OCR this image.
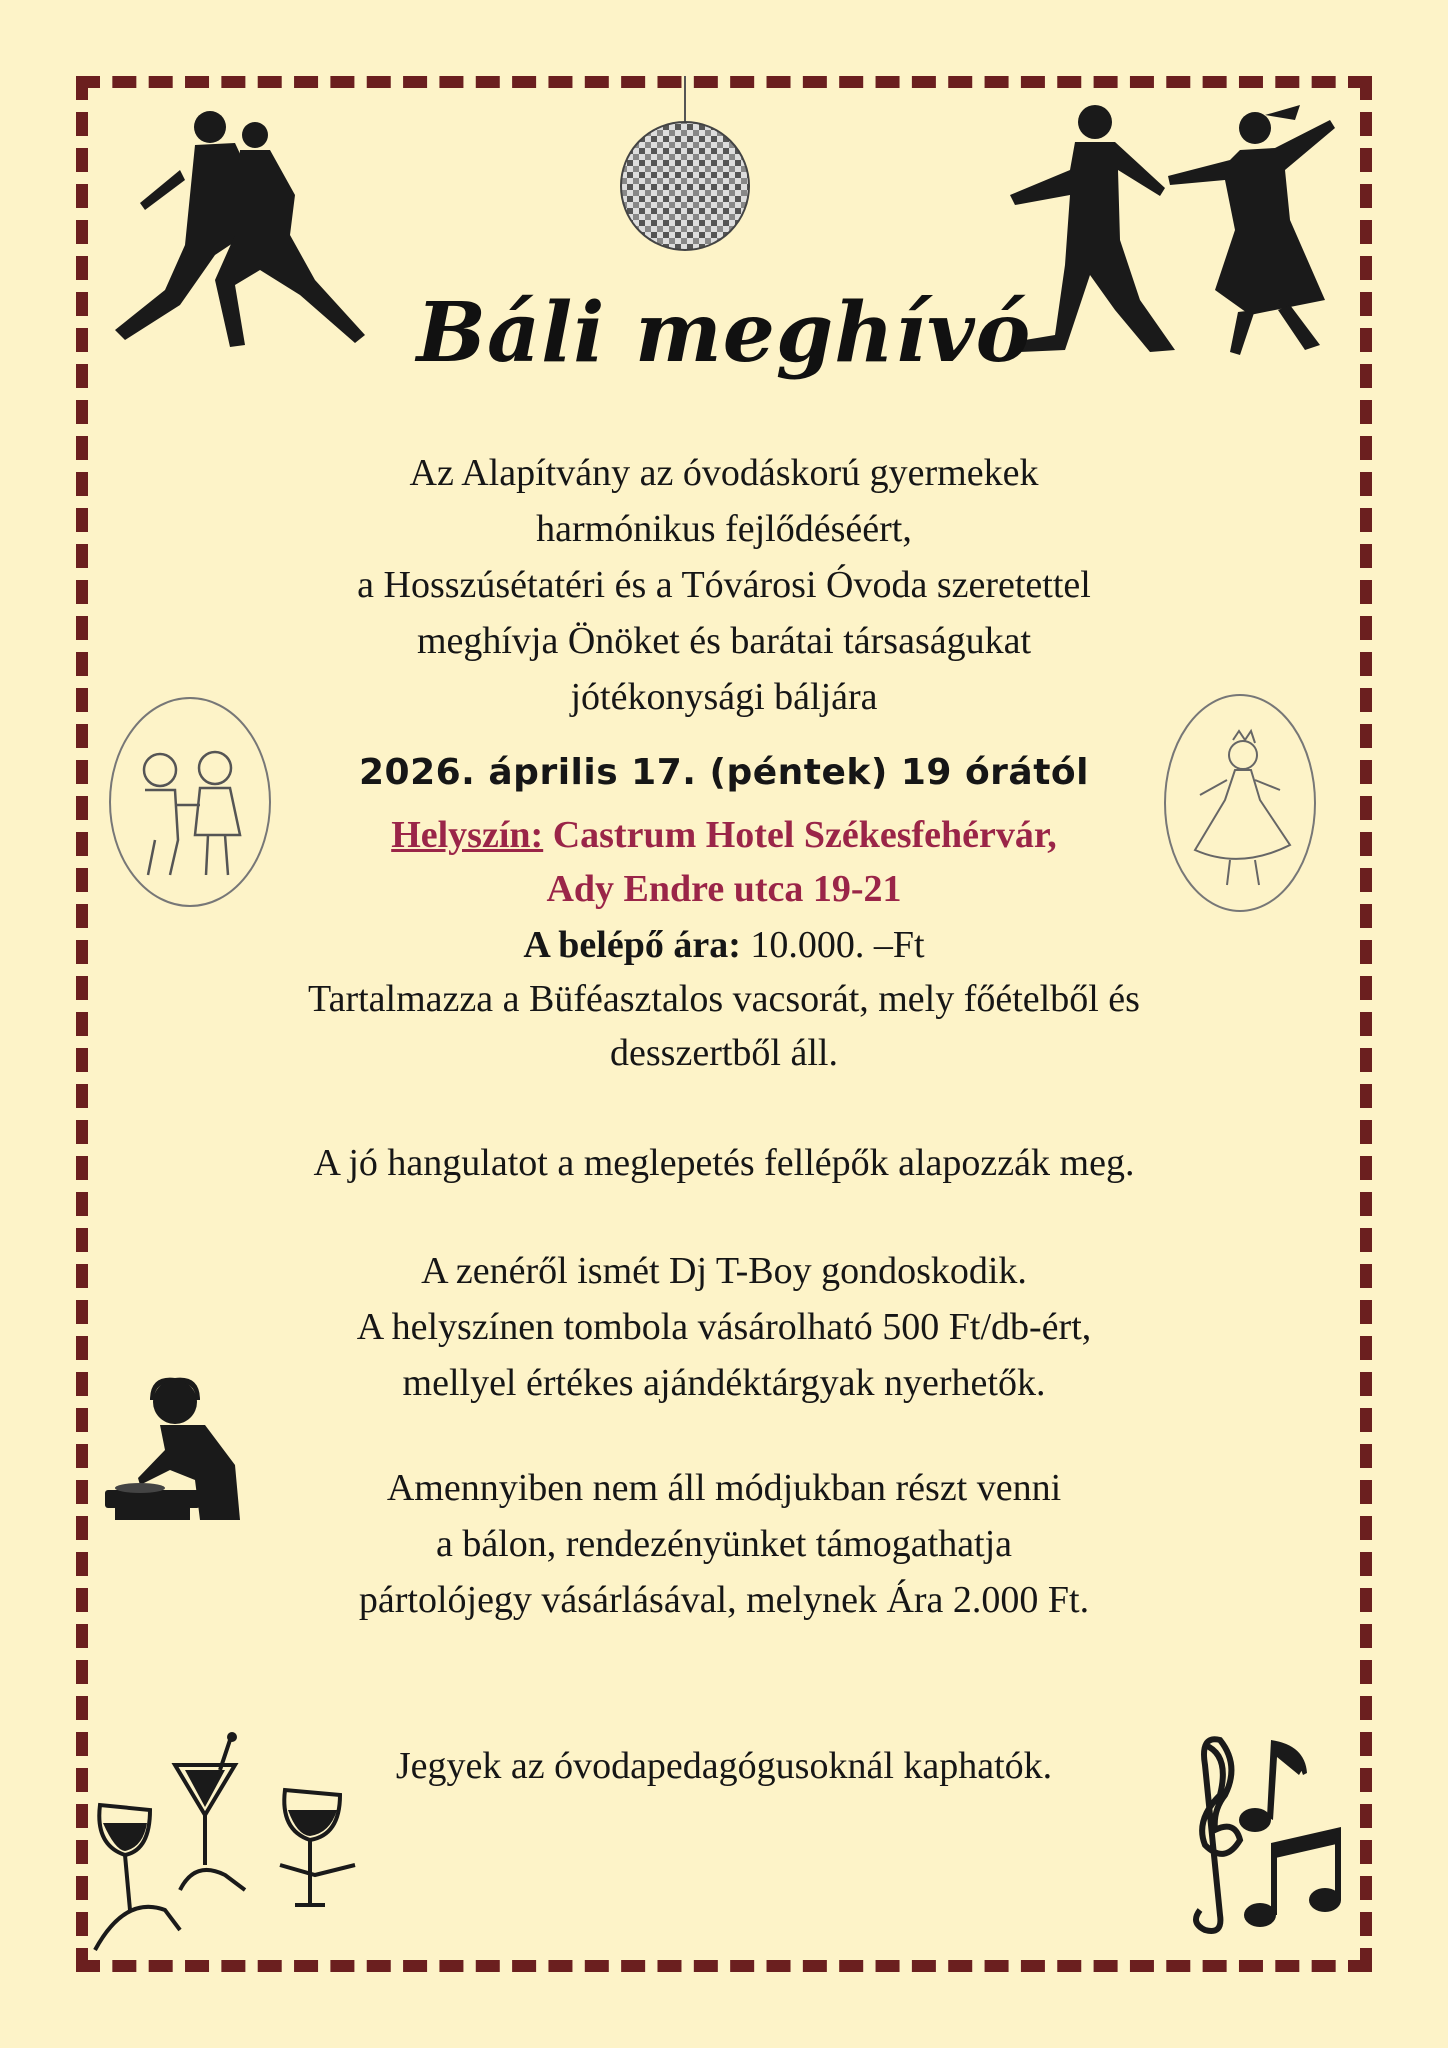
Báli meghívó
Az Alapítvány az óvodáskorú gyermekek
harmónikus fejlődéséért,
a Hosszúsétatéri és a Tóvárosi Óvoda szeretettel
meghívja Önöket és barátai társaságukat
jótékonysági báljára
2026. április 17. (péntek) 19 órától
Helyszín: Castrum Hotel Székesfehérvár,
Ady Endre utca 19-21
A belépő ára: 10.000. –Ft
Tartalmazza a Büféasztalos vacsorát, mely főételből és
desszertből áll.
A jó hangulatot a meglepetés fellépők alapozzák meg.
A zenéről ismét Dj T-Boy gondoskodik.
A helyszínen tombola vásárolható 500 Ft/db-ért,
mellyel értékes ajándéktárgyak nyerhetők.
Amennyiben nem áll módjukban részt venni
a bálon, rendezényünket támogathatja
pártolójegy vásárlásával, melynek Ára 2.000 Ft.
Jegyek az óvodapedagógusoknál kaphatók.
